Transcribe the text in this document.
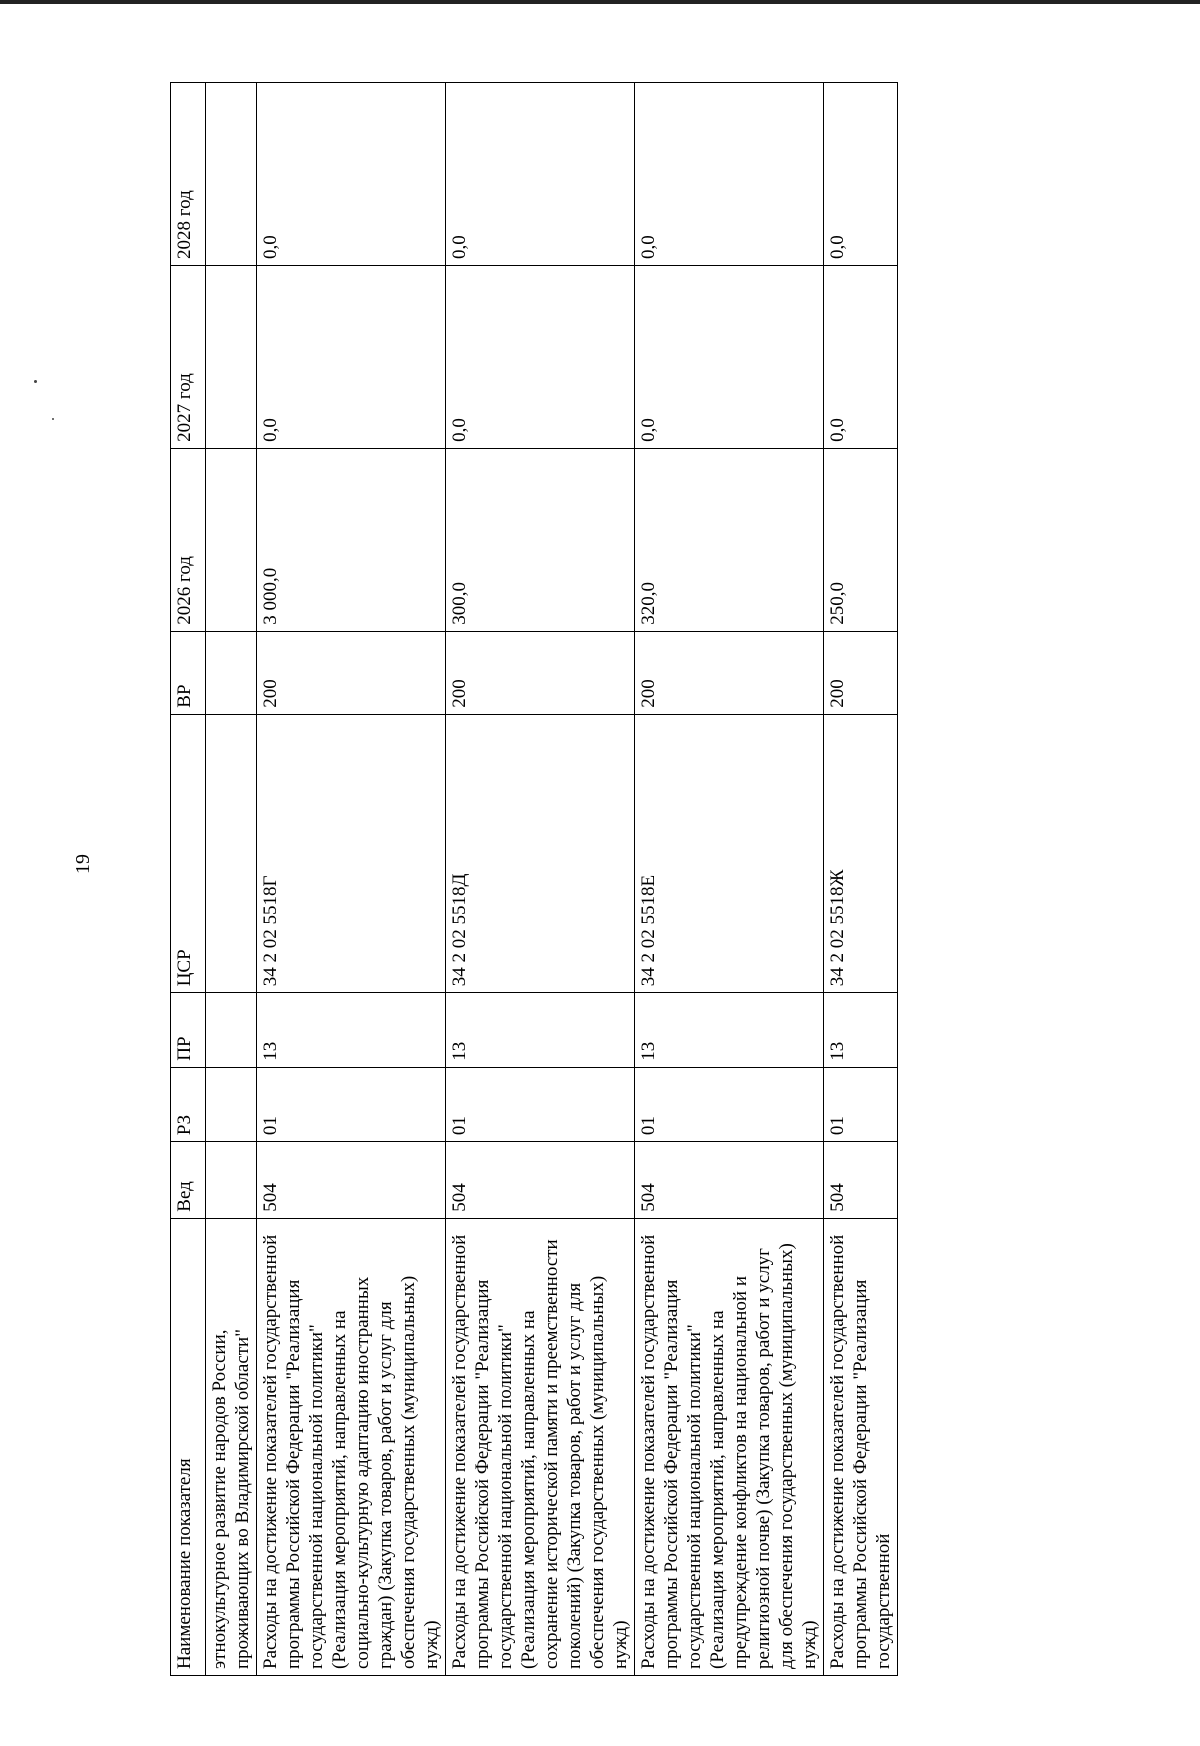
19
Наименование показателя	Вед	РЗ	ПР	ЦСР	ВР	2026 год	2027 год	2028 год
этнокультурное развитие народов России, проживающих во Владимирской области"								
Расходы на достижение показателей государственной программы Российской Федерации "Реализация государственной национальной политики" (Реализация мероприятий, направленных на социально-культурную адаптацию иностранных граждан) (Закупка товаров, работ и услуг для обеспечения государственных (муниципальных) нужд)	504	01	13	34 2 02 5518Г	200	3 000,0	0,0	0,0
Расходы на достижение показателей государственной программы Российской Федерации "Реализация государственной национальной политики" (Реализация мероприятий, направленных на сохранение исторической памяти и преемственности поколений) (Закупка товаров, работ и услуг для обеспечения государственных (муниципальных) нужд)	504	01	13	34 2 02 5518Д	200	300,0	0,0	0,0
Расходы на достижение показателей государственной программы Российской Федерации "Реализация государственной национальной политики" (Реализация мероприятий, направленных на предупреждение конфликтов на национальной и религиозной почве) (Закупка товаров, работ и услуг для обеспечения государственных (муниципальных) нужд)	504	01	13	34 2 02 5518Е	200	320,0	0,0	0,0
Расходы на достижение показателей государственной программы Российской Федерации "Реализация государственной	504	01	13	34 2 02 5518Ж	200	250,0	0,0	0,0
